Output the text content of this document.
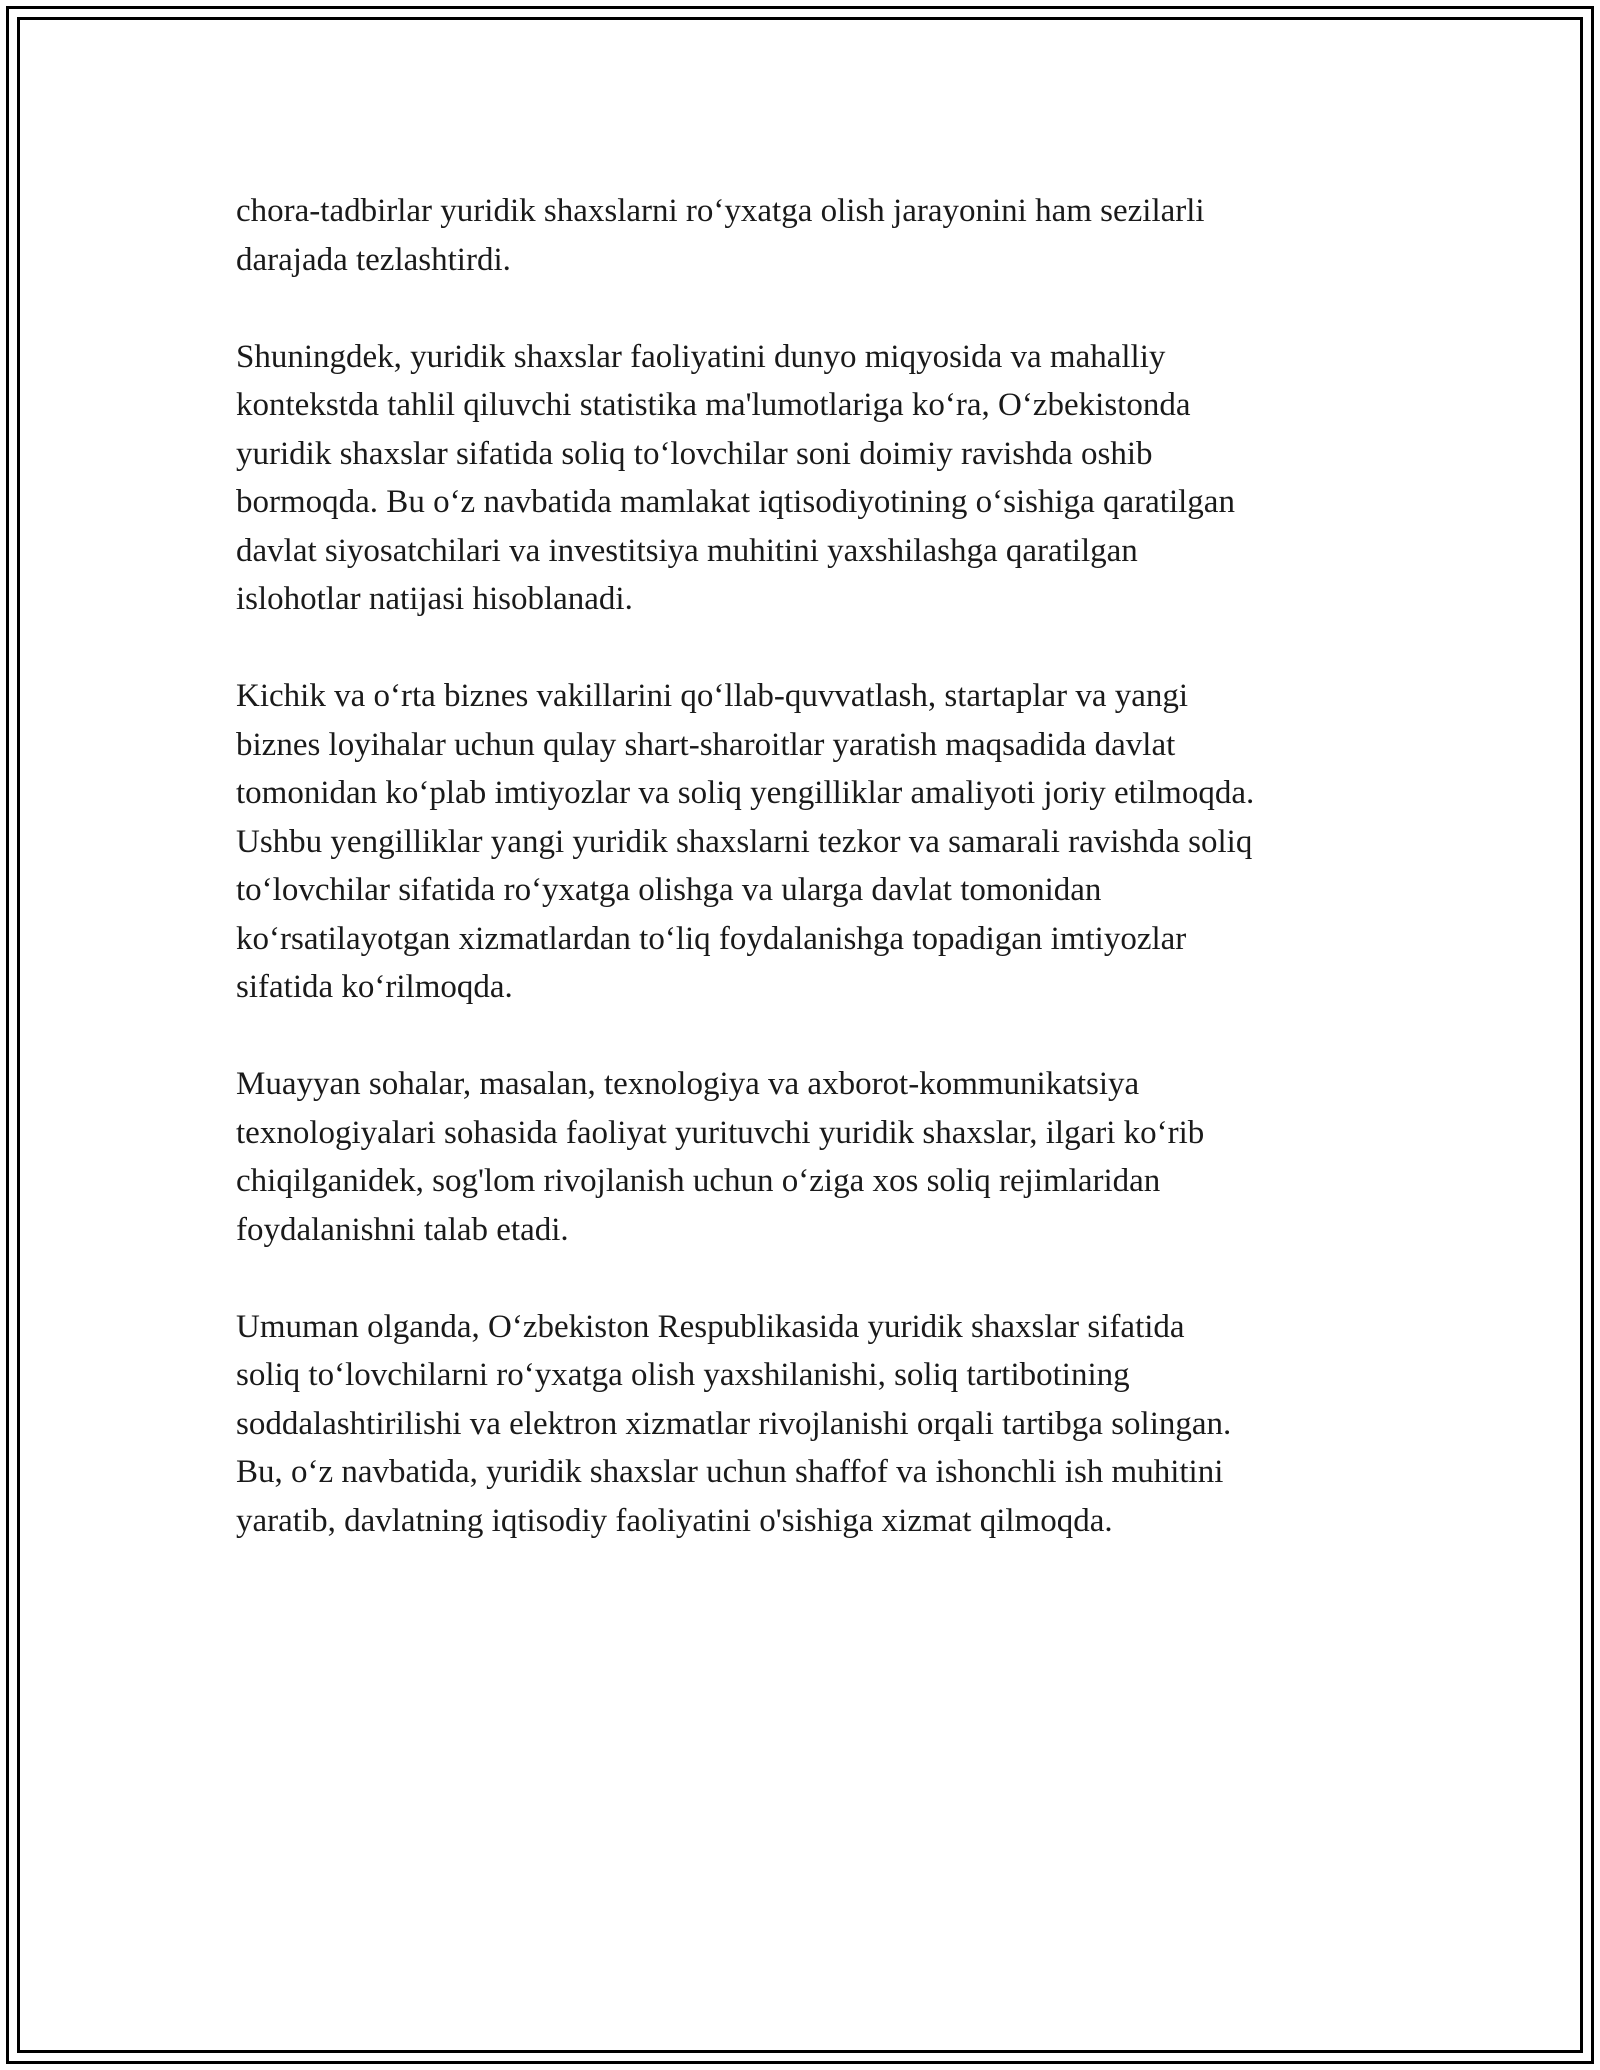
chora-tadbirlar yuridik shaxslarni ro‘yxatga olish jarayonini ham sezilarli
darajada tezlashtirdi.

Shuningdek, yuridik shaxslar faoliyatini dunyo miqyosida va mahalliy
kontekstda tahlil qiluvchi statistika ma'lumotlariga ko‘ra, O‘zbekistonda
yuridik shaxslar sifatida soliq to‘lovchilar soni doimiy ravishda oshib
bormoqda. Bu o‘z navbatida mamlakat iqtisodiyotining o‘sishiga qaratilgan
davlat siyosatchilari va investitsiya muhitini yaxshilashga qaratilgan
islohotlar natijasi hisoblanadi.

Kichik va o‘rta biznes vakillarini qo‘llab-quvvatlash, startaplar va yangi
biznes loyihalar uchun qulay shart-sharoitlar yaratish maqsadida davlat
tomonidan ko‘plab imtiyozlar va soliq yengilliklar amaliyoti joriy etilmoqda.
Ushbu yengilliklar yangi yuridik shaxslarni tezkor va samarali ravishda soliq
to‘lovchilar sifatida ro‘yxatga olishga va ularga davlat tomonidan
ko‘rsatilayotgan xizmatlardan to‘liq foydalanishga topadigan imtiyozlar
sifatida ko‘rilmoqda.

Muayyan sohalar, masalan, texnologiya va axborot-kommunikatsiya
texnologiyalari sohasida faoliyat yurituvchi yuridik shaxslar, ilgari ko‘rib
chiqilganidek, sog'lom rivojlanish uchun o‘ziga xos soliq rejimlaridan
foydalanishni talab etadi.

Umuman olganda, O‘zbekiston Respublikasida yuridik shaxslar sifatida
soliq to‘lovchilarni ro‘yxatga olish yaxshilanishi, soliq tartibotining
soddalashtirilishi va elektron xizmatlar rivojlanishi orqali tartibga solingan.
Bu, o‘z navbatida, yuridik shaxslar uchun shaffof va ishonchli ish muhitini
yaratib, davlatning iqtisodiy faoliyatini o'sishiga xizmat qilmoqda.
